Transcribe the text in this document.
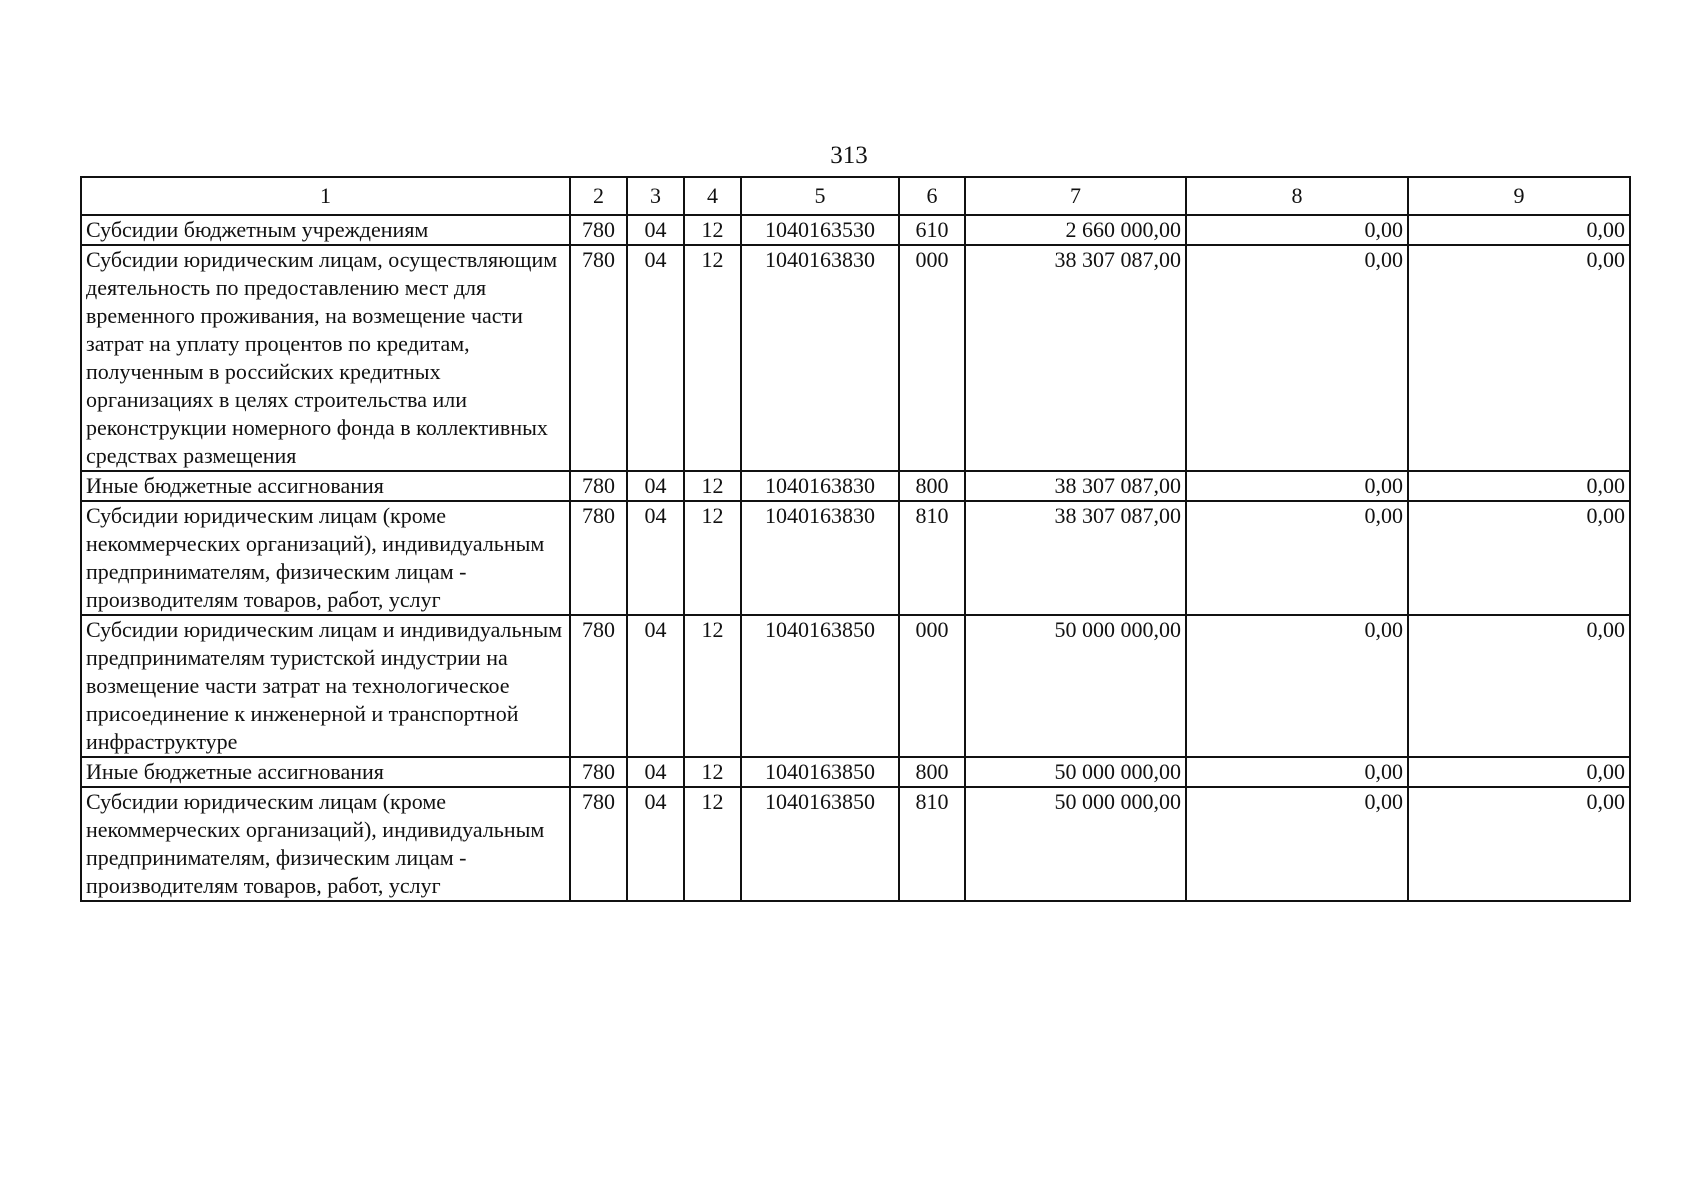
313
1	2	3	4	5	6	7	8	9
Субсидии бюджетным учреждениям	780	04	12	1040163530	610	2 660 000,00	0,00	0,00
Субсидии юридическим лицам, осуществляющим деятельность по предоставлению мест для временного проживания, на возмещение части затрат на уплату процентов по кредитам, полученным в российских кредитных организациях в целях строительства или реконструкции номерного фонда в коллективных средствах размещения	780	04	12	1040163830	000	38 307 087,00	0,00	0,00
Иные бюджетные ассигнования	780	04	12	1040163830	800	38 307 087,00	0,00	0,00
Субсидии юридическим лицам (кроме некоммерческих организаций), индивидуальным предпринимателям, физическим лицам - производителям товаров, работ, услуг	780	04	12	1040163830	810	38 307 087,00	0,00	0,00
Субсидии юридическим лицам и индивидуальным предпринимателям туристской индустрии на возмещение части затрат на технологическое присоединение к инженерной и транспортной инфраструктуре	780	04	12	1040163850	000	50 000 000,00	0,00	0,00
Иные бюджетные ассигнования	780	04	12	1040163850	800	50 000 000,00	0,00	0,00
Субсидии юридическим лицам (кроме некоммерческих организаций), индивидуальным предпринимателям, физическим лицам - производителям товаров, работ, услуг	780	04	12	1040163850	810	50 000 000,00	0,00	0,00
